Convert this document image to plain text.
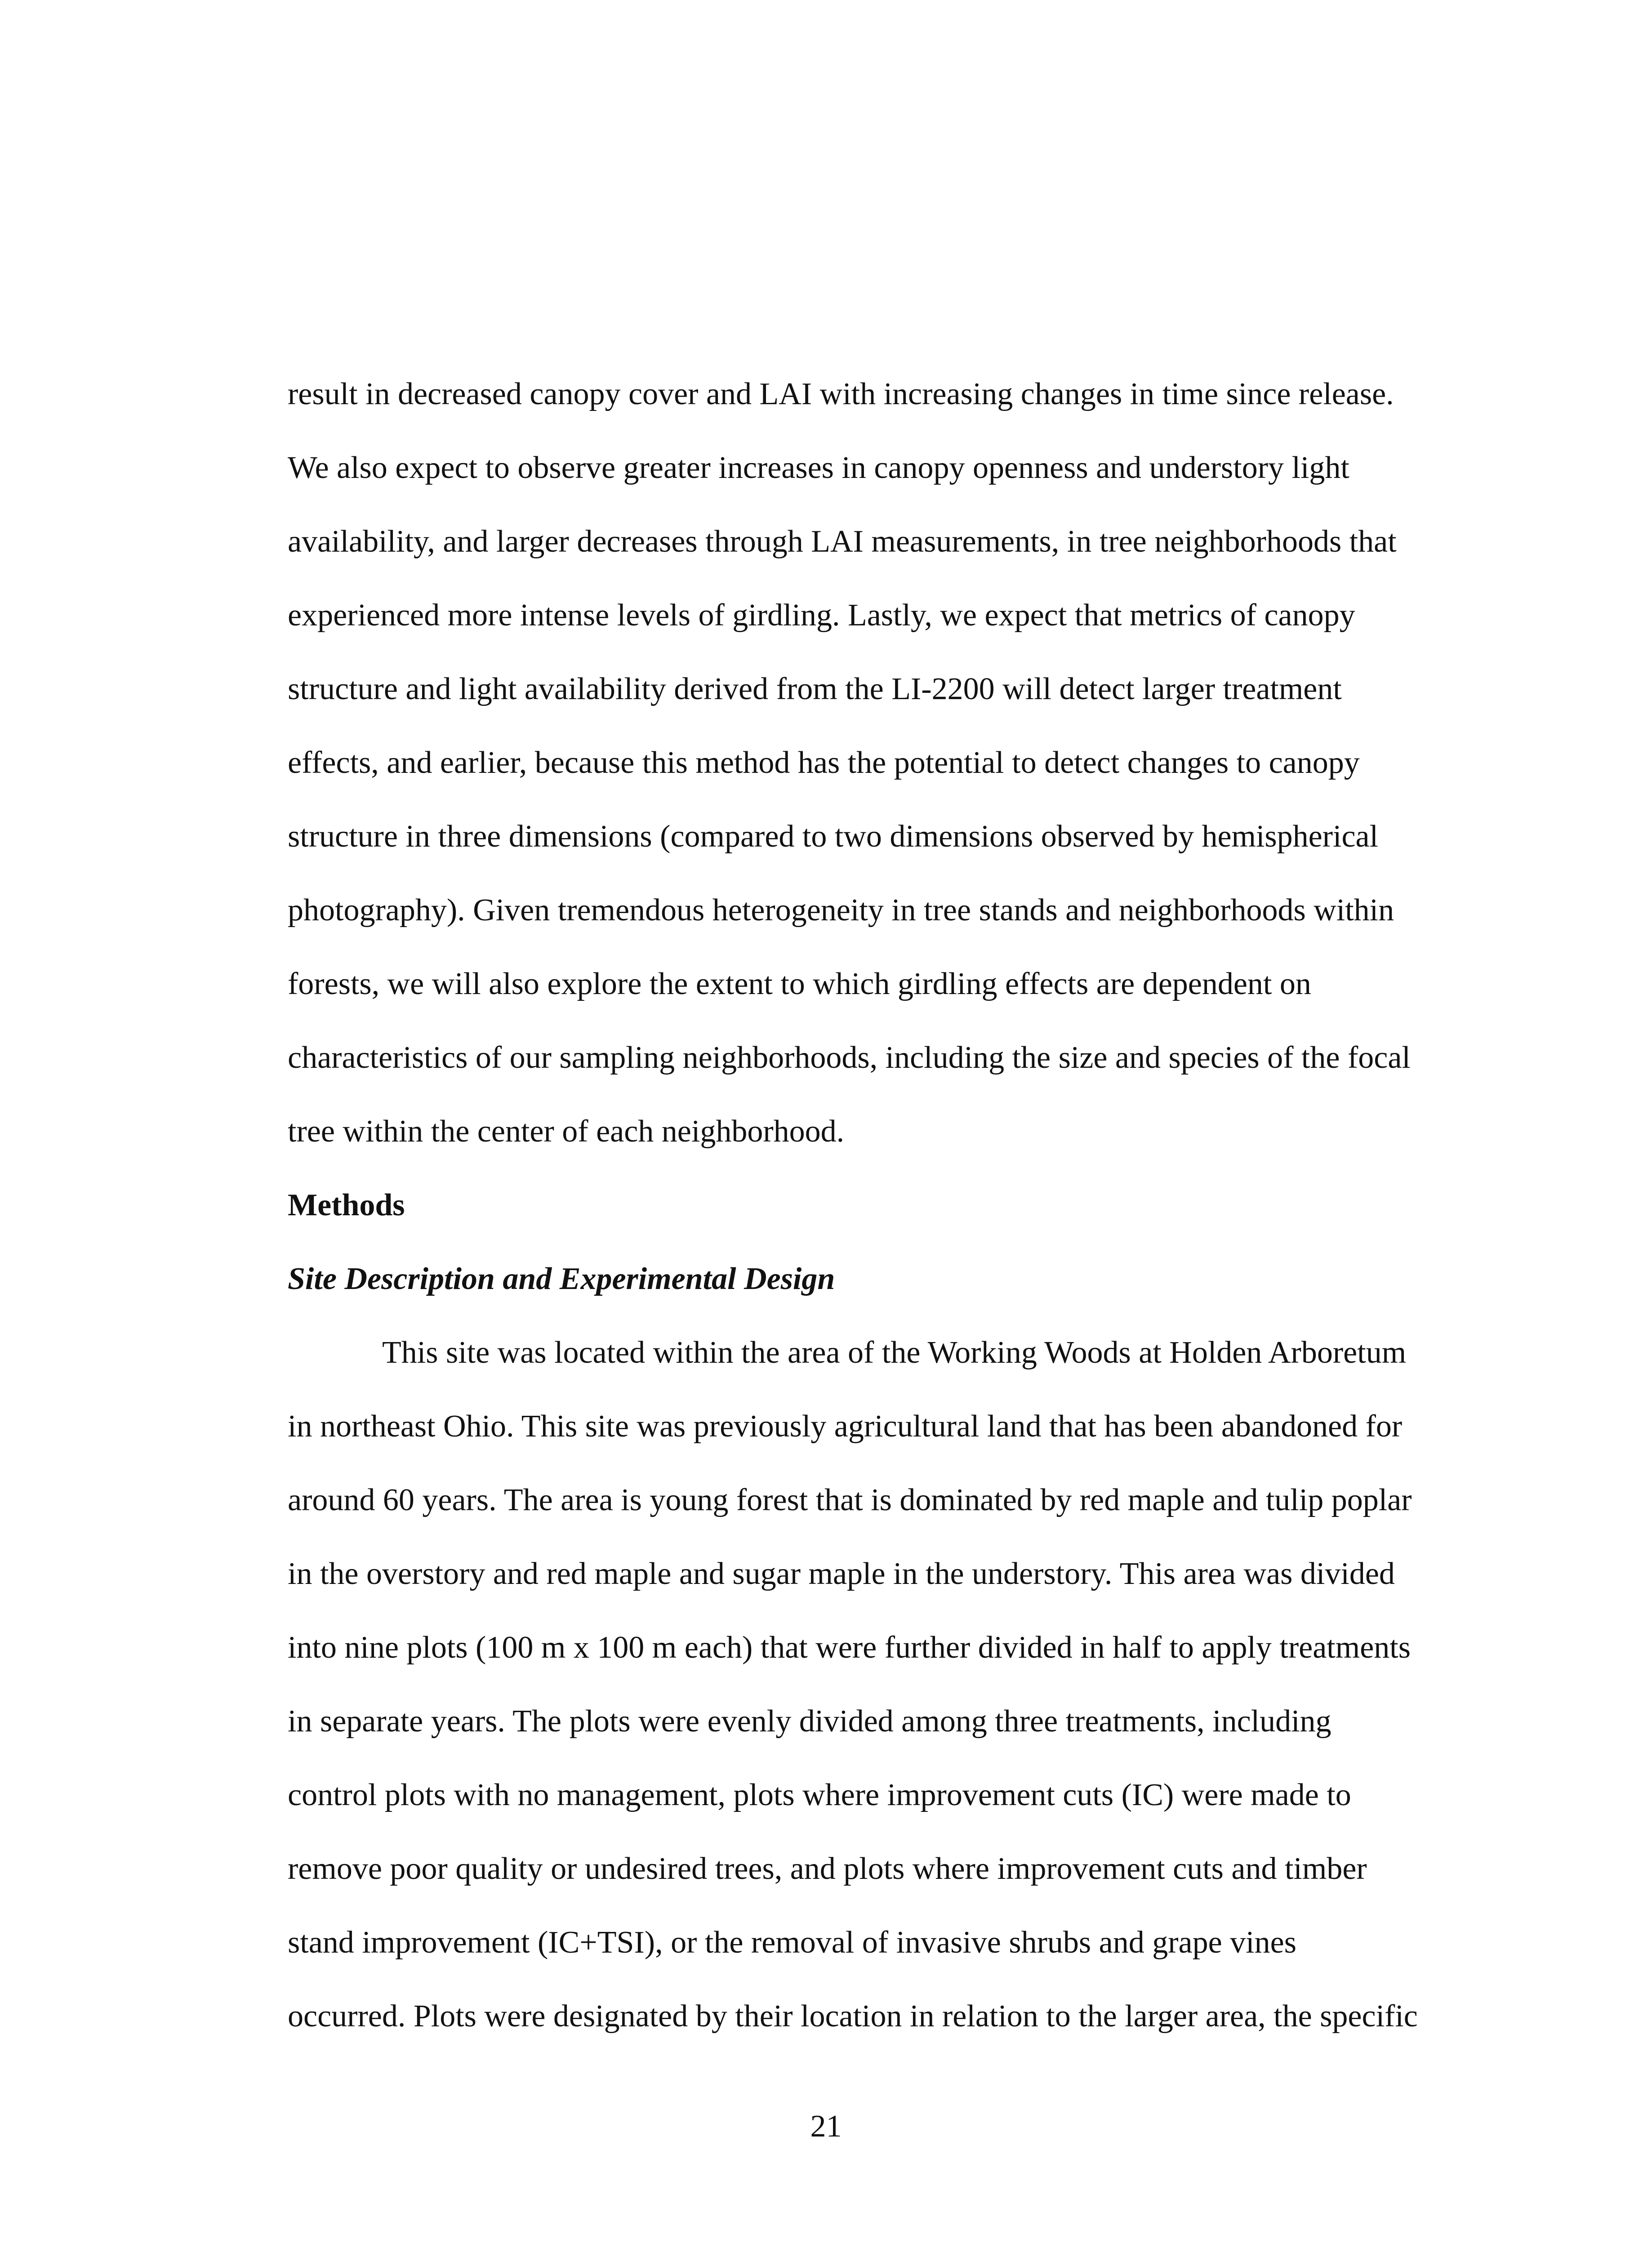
result in decreased canopy cover and LAI with increasing changes in time since release.

We also expect to observe greater increases in canopy openness and understory light

availability, and larger decreases through LAI measurements, in tree neighborhoods that

experienced more intense levels of girdling. Lastly, we expect that metrics of canopy

structure and light availability derived from the LI-2200 will detect larger treatment

effects, and earlier, because this method has the potential to detect changes to canopy

structure in three dimensions (compared to two dimensions observed by hemispherical

photography). Given tremendous heterogeneity in tree stands and neighborhoods within

forests, we will also explore the extent to which girdling effects are dependent on

characteristics of our sampling neighborhoods, including the size and species of the focal

tree within the center of each neighborhood.

Methods
Site Description and Experimental Design

This site was located within the area of the Working Woods at Holden Arboretum

in northeast Ohio. This site was previously agricultural land that has been abandoned for

around 60 years. The area is young forest that is dominated by red maple and tulip poplar

in the overstory and red maple and sugar maple in the understory. This area was divided

into nine plots (100 m x 100 m each) that were further divided in half to apply treatments

in separate years. The plots were evenly divided among three treatments, including

control plots with no management, plots where improvement cuts (IC) were made to

remove poor quality or undesired trees, and plots where improvement cuts and timber

stand improvement (IC+TSI), or the removal of invasive shrubs and grape vines

occurred. Plots were designated by their location in relation to the larger area, the specific

21
